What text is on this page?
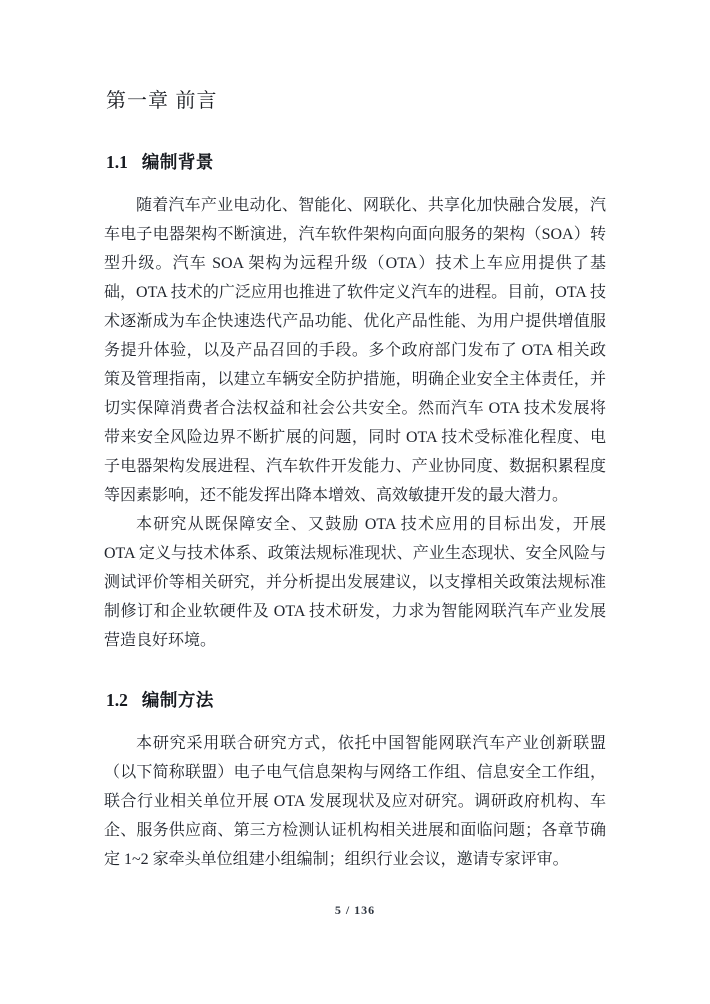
第一章 前言
1.1 编制背景

随着汽车产业电动化、智能化、网联化、共享化加快融合发展，汽车电子电器架构不断演进，汽车软件架构向面向服务的架构（SOA）转型升级。汽车 SOA 架构为远程升级（OTA）技术上车应用提供了基础，OTA 技术的广泛应用也推进了软件定义汽车的进程。目前，OTA 技术逐渐成为车企快速迭代产品功能、优化产品性能、为用户提供增值服务提升体验，以及产品召回的手段。多个政府部门发布了 OTA 相关政策及管理指南，以建立车辆安全防护措施，明确企业安全主体责任，并切实保障消费者合法权益和社会公共安全。然而汽车 OTA 技术发展将带来安全风险边界不断扩展的问题，同时 OTA 技术受标准化程度、电子电器架构发展进程、汽车软件开发能力、产业协同度、数据积累程度等因素影响，还不能发挥出降本增效、高效敏捷开发的最大潜力。

本研究从既保障安全、又鼓励 OTA 技术应用的目标出发，开展 OTA 定义与技术体系、政策法规标准现状、产业生态现状、安全风险与测试评价等相关研究，并分析提出发展建议，以支撑相关政策法规标准制修订和企业软硬件及 OTA 技术研发，力求为智能网联汽车产业发展营造良好环境。

1.2 编制方法

本研究采用联合研究方式，依托中国智能网联汽车产业创新联盟（以下简称联盟）电子电气信息架构与网络工作组、信息安全工作组，联合行业相关单位开展 OTA 发展现状及应对研究。调研政府机构、车企、服务供应商、第三方检测认证机构相关进展和面临问题；各章节确定 1~2 家牵头单位组建小组编制；组织行业会议，邀请专家评审。

5 / 136
